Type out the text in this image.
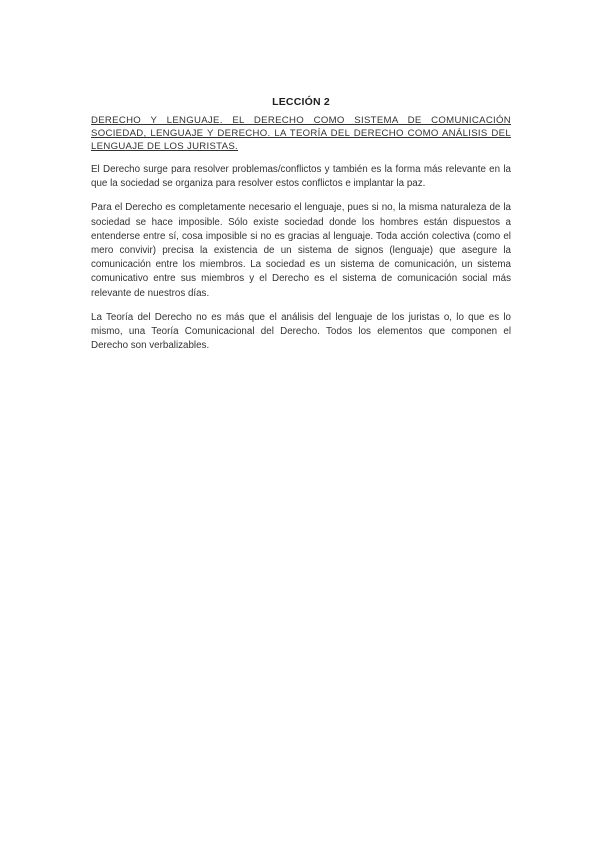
LECCIÓN 2
DERECHO Y LENGUAJE. EL DERECHO COMO SISTEMA DE COMUNICACIÓN SOCIEDAD, LENGUAJE Y DERECHO. LA TEORÍA DEL DERECHO COMO ANÁLISIS DEL LENGUAJE DE LOS JURISTAS.

El Derecho surge para resolver problemas/conflictos y también es la forma más relevante en la que la sociedad se organiza para resolver estos conflictos e implantar la paz.

Para el Derecho es completamente necesario el lenguaje, pues si no, la misma naturaleza de la sociedad se hace imposible. Sólo existe sociedad donde los hombres están dispuestos a entenderse entre sí, cosa imposible si no es gracias al lenguaje. Toda acción colectiva (como el mero convivir) precisa la existencia de un sistema de signos (lenguaje) que asegure la comunicación entre los miembros. La sociedad es un sistema de comunicación, un sistema comunicativo entre sus miembros y el Derecho es el sistema de comunicación social más relevante de nuestros días.

La Teoría del Derecho no es más que el análisis del lenguaje de los juristas o, lo que es lo mismo, una Teoría Comunicacional del Derecho. Todos los elementos que componen el Derecho son verbalizables.
